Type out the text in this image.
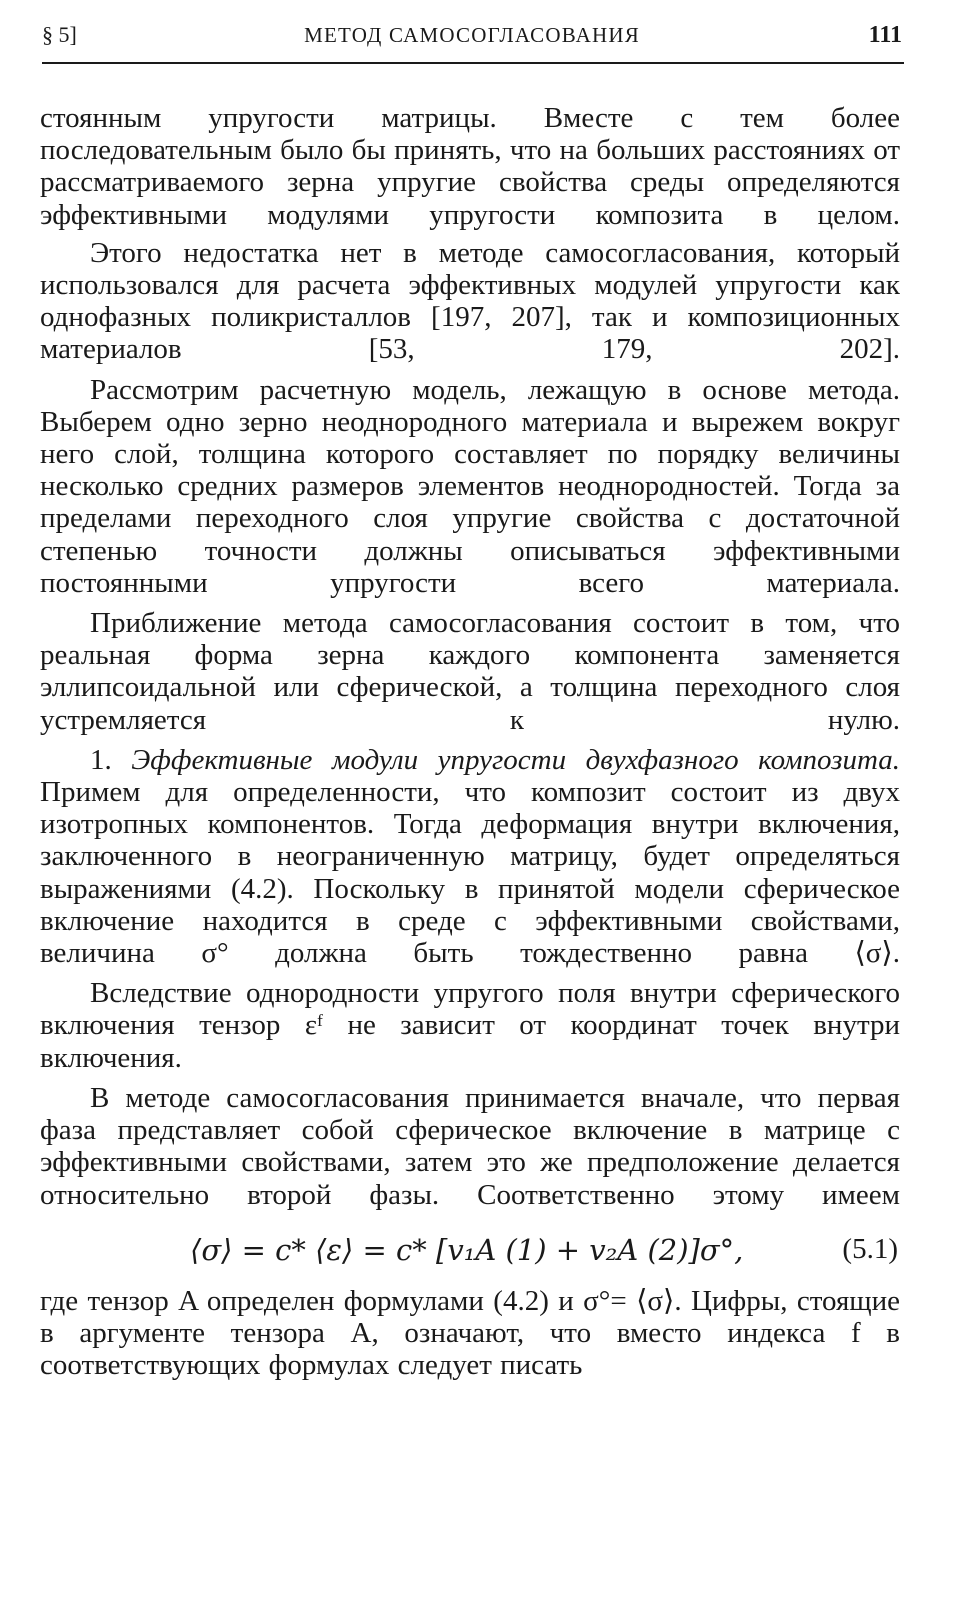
§ 5]	МЕТОД САМОСОГЛАСОВАНИЯ	111

стоянным упругости матрицы. Вместе с тем более последовательным было бы принять, что на больших расстояниях от рассматриваемого зерна упругие свойства среды определяются эффективными модулями упругости композита в целом.

Этого недостатка нет в методе самосогласования, который использовался для расчета эффективных модулей упругости как однофазных поликристаллов [197, 207], так и композиционных материалов [53, 179, 202].

Рассмотрим расчетную модель, лежащую в основе метода. Выберем одно зерно неоднородного материала и вырежем вокруг него слой, толщина которого составляет по порядку величины несколько средних размеров элементов неоднородностей. Тогда за пределами переходного слоя упругие свойства с достаточной степенью точности должны описываться эффективными постоянными упругости всего материала.

Приближение метода самосогласования состоит в том, что реальная форма зерна каждого компонента заменяется эллипсоидальной или сферической, а толщина переходного слоя устремляется к нулю.

1. Эффективные модули упругости двухфазного композита. Примем для определенности, что композит состоит из двух изотропных компонентов. Тогда деформация внутри включения, заключенного в неограниченную матрицу, будет определяться выражениями (4.2). Поскольку в принятой модели сферическое включение находится в среде с эффективными свойствами, величина σ° должна быть тождественно равна ⟨σ⟩.

Вследствие однородности упругого поля внутри сферического включения тензор εᶠ не зависит от координат точек внутри включения.

В методе самосогласования принимается вначале, что первая фаза представляет собой сферическое включение в матрице с эффективными свойствами, затем это же предположение делается относительно второй фазы. Соответственно этому имеем

⟨σ⟩ = c* ⟨ε⟩ = c* [v₁A (1) + v₂A (2)]σ°,	(5.1)

где тензор A определен формулами (4.2) и σ°= ⟨σ⟩. Цифры, стоящие в аргументе тензора A, означают, что вместо индекса f в соответствующих формулах следует писать
